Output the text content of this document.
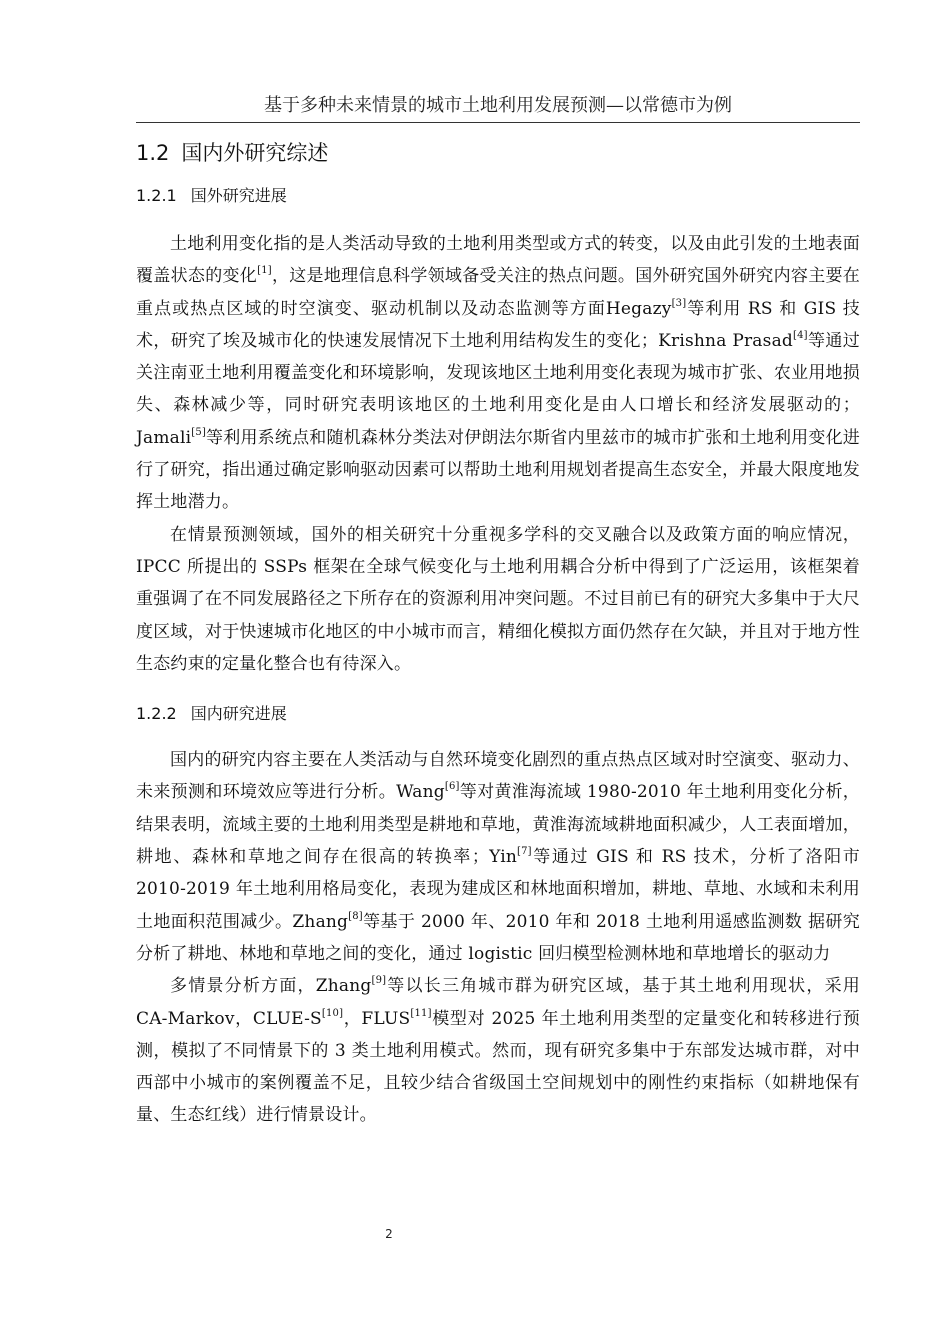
基于多种未来情景的城市土地利用发展预测—以常德市为例
1.2 国内外研究综述
1.2.1 国外研究进展

土地利用变化指的是人类活动导致的土地利用类型或方式的转变，以及由此引发的土地表面覆盖状态的变化[1]，这是地理信息科学领域备受关注的热点问题。国外研究国外研究内容主要在重点或热点区域的时空演变、驱动机制以及动态监测等方面Hegazy[3]等利用 RS 和 GIS 技术，研究了埃及城市化的快速发展情况下土地利用结构发生的变化；Krishna Prasad[4]等通过关注南亚土地利用覆盖变化和环境影响，发现该地区土地利用变化表现为城市扩张、农业用地损失、森林减少等，同时研究表明该地区的土地利用变化是由人口增长和经济发展驱动的；Jamali[5]等利用系统点和随机森林分类法对伊朗法尔斯省内里兹市的城市扩张和土地利用变化进行了研究，指出通过确定影响驱动因素可以帮助土地利用规划者提高生态安全，并最大限度地发挥土地潜力。

在情景预测领域，国外的相关研究十分重视多学科的交叉融合以及政策方面的响应情况，IPCC 所提出的 SSPs 框架在全球气候变化与土地利用耦合分析中得到了广泛运用，该框架着重强调了在不同发展路径之下所存在的资源利用冲突问题。不过目前已有的研究大多集中于大尺度区域，对于快速城市化地区的中小城市而言，精细化模拟方面仍然存在欠缺，并且对于地方性生态约束的定量化整合也有待深入。

1.2.2 国内研究进展

国内的研究内容主要在人类活动与自然环境变化剧烈的重点热点区域对时空演变、驱动力、未来预测和环境效应等进行分析。Wang[6]等对黄淮海流域 1980-2010 年土地利用变化分析，结果表明，流域主要的土地利用类型是耕地和草地，黄淮海流域耕地面积减少，人工表面增加，耕地、森林和草地之间存在很高的转换率；Yin[7]等通过 GIS 和 RS 技术，分析了洛阳市 2010-2019 年土地利用格局变化，表现为建成区和林地面积增加，耕地、草地、水域和未利用土地面积范围减少。Zhang[8]等基于 2000 年、2010 年和 2018 土地利用遥感监测数 据研究分析了耕地、林地和草地之间的变化，通过 logistic 回归模型检测林地和草地增长的驱动力

多情景分析方面，Zhang[9]等以长三角城市群为研究区域，基于其土地利用现状，采用 CA-Markov，CLUE-S[10]，FLUS[11]模型对 2025 年土地利用类型的定量变化和转移进行预测，模拟了不同情景下的 3 类土地利用模式。然而，现有研究多集中于东部发达城市群，对中西部中小城市的案例覆盖不足，且较少结合省级国土空间规划中的刚性约束指标（如耕地保有量、生态红线）进行情景设计。

2
